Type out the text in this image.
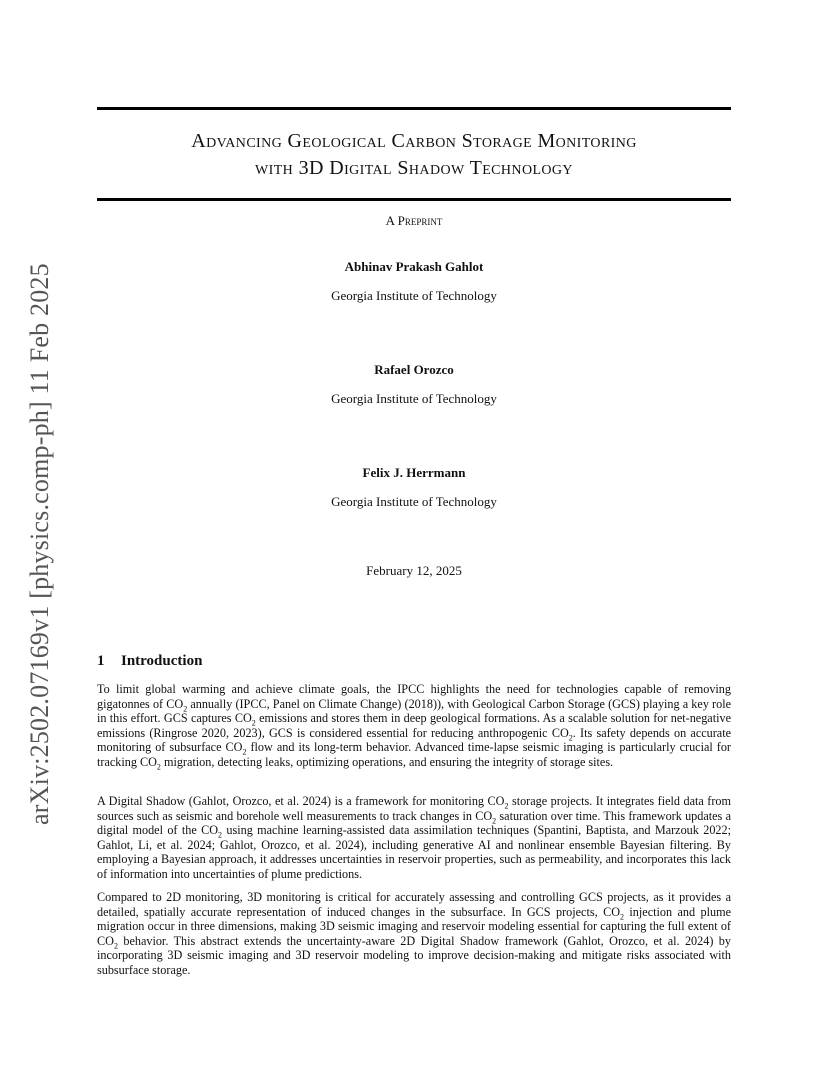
arXiv:2502.07169v1 [physics.comp-ph] 11 Feb 2025
Advancing Geological Carbon Storage Monitoring
with 3D Digital Shadow Technology
A Preprint
Abhinav Prakash Gahlot
Georgia Institute of Technology
Rafael Orozco
Georgia Institute of Technology
Felix J. Herrmann
Georgia Institute of Technology
February 12, 2025
1 Introduction
To limit global warming and achieve climate goals, the IPCC highlights the need for technologies capable of removing gigatonnes of $CO_2$ annually (IPCC, Panel on Climate Change) (2018)), with Geological Carbon Storage (GCS) playing a key role in this effort. GCS captures $CO_2$ emissions and stores them in deep geological formations. As a scalable solution for net-negative emissions (Ringrose 2020, 2023), GCS is considered essential for reducing anthropogenic $CO_2$. Its safety depends on accurate monitoring of subsurface $CO_2$ flow and its long-term behavior. Advanced time-lapse seismic imaging is particularly crucial for tracking $CO_2$ migration, detecting leaks, optimizing operations, and ensuring the integrity of storage sites.
A Digital Shadow (Gahlot, Orozco, et al. 2024) is a framework for monitoring $CO_2$ storage projects. It integrates field data from sources such as seismic and borehole well measurements to track changes in $CO_2$ saturation over time. This framework updates a digital model of the $CO_2$ using machine learning-assisted data assimilation techniques (Spantini, Baptista, and Marzouk 2022; Gahlot, Li, et al. 2024; Gahlot, Orozco, et al. 2024), including generative AI and nonlinear ensemble Bayesian filtering. By employing a Bayesian approach, it addresses uncertainties in reservoir properties, such as permeability, and incorporates this lack of information into uncertainties of plume predictions.
Compared to 2D monitoring, 3D monitoring is critical for accurately assessing and controlling GCS projects, as it provides a detailed, spatially accurate representation of induced changes in the subsurface. In GCS projects, $CO_2$ injection and plume migration occur in three dimensions, making 3D seismic imaging and reservoir modeling essential for capturing the full extent of $CO_2$ behavior. This abstract extends the uncertainty-aware 2D Digital Shadow framework (Gahlot, Orozco, et al. 2024) by incorporating 3D seismic imaging and 3D reservoir modeling to improve decision-making and mitigate risks associated with subsurface storage.
